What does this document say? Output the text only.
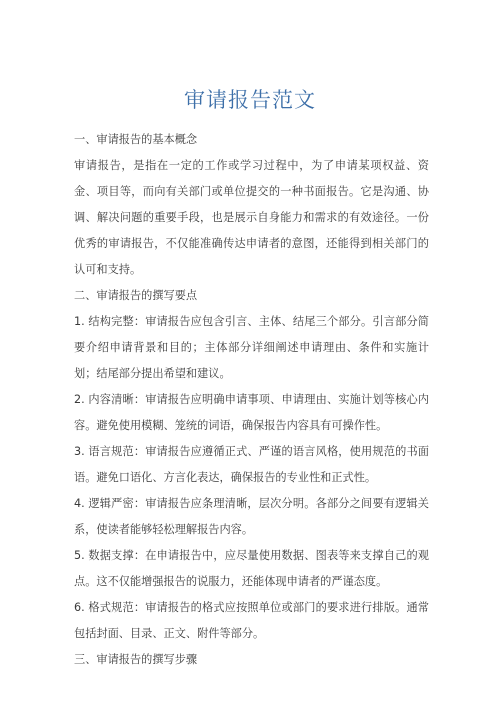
审请报告范文

一、审请报告的基本概念

审请报告，是指在一定的工作或学习过程中，为了申请某项权益、资金、项目等，而向有关部门或单位提交的一种书面报告。它是沟通、协调、解决问题的重要手段，也是展示自身能力和需求的有效途径。一份优秀的审请报告，不仅能准确传达申请者的意图，还能得到相关部门的认可和支持。

二、审请报告的撰写要点

1. 结构完整：审请报告应包含引言、主体、结尾三个部分。引言部分简要介绍申请背景和目的；主体部分详细阐述申请理由、条件和实施计划；结尾部分提出希望和建议。

2. 内容清晰：审请报告应明确申请事项、申请理由、实施计划等核心内容。避免使用模糊、笼统的词语，确保报告内容具有可操作性。

3. 语言规范：审请报告应遵循正式、严谨的语言风格，使用规范的书面语。避免口语化、方言化表达，确保报告的专业性和正式性。

4. 逻辑严密：审请报告应条理清晰，层次分明。各部分之间要有逻辑关系，使读者能够轻松理解报告内容。

5. 数据支撑：在申请报告中，应尽量使用数据、图表等来支撑自己的观点。这不仅能增强报告的说服力，还能体现申请者的严谨态度。

6. 格式规范：审请报告的格式应按照单位或部门的要求进行排版。通常包括封面、目录、正文、附件等部分。

三、审请报告的撰写步骤
